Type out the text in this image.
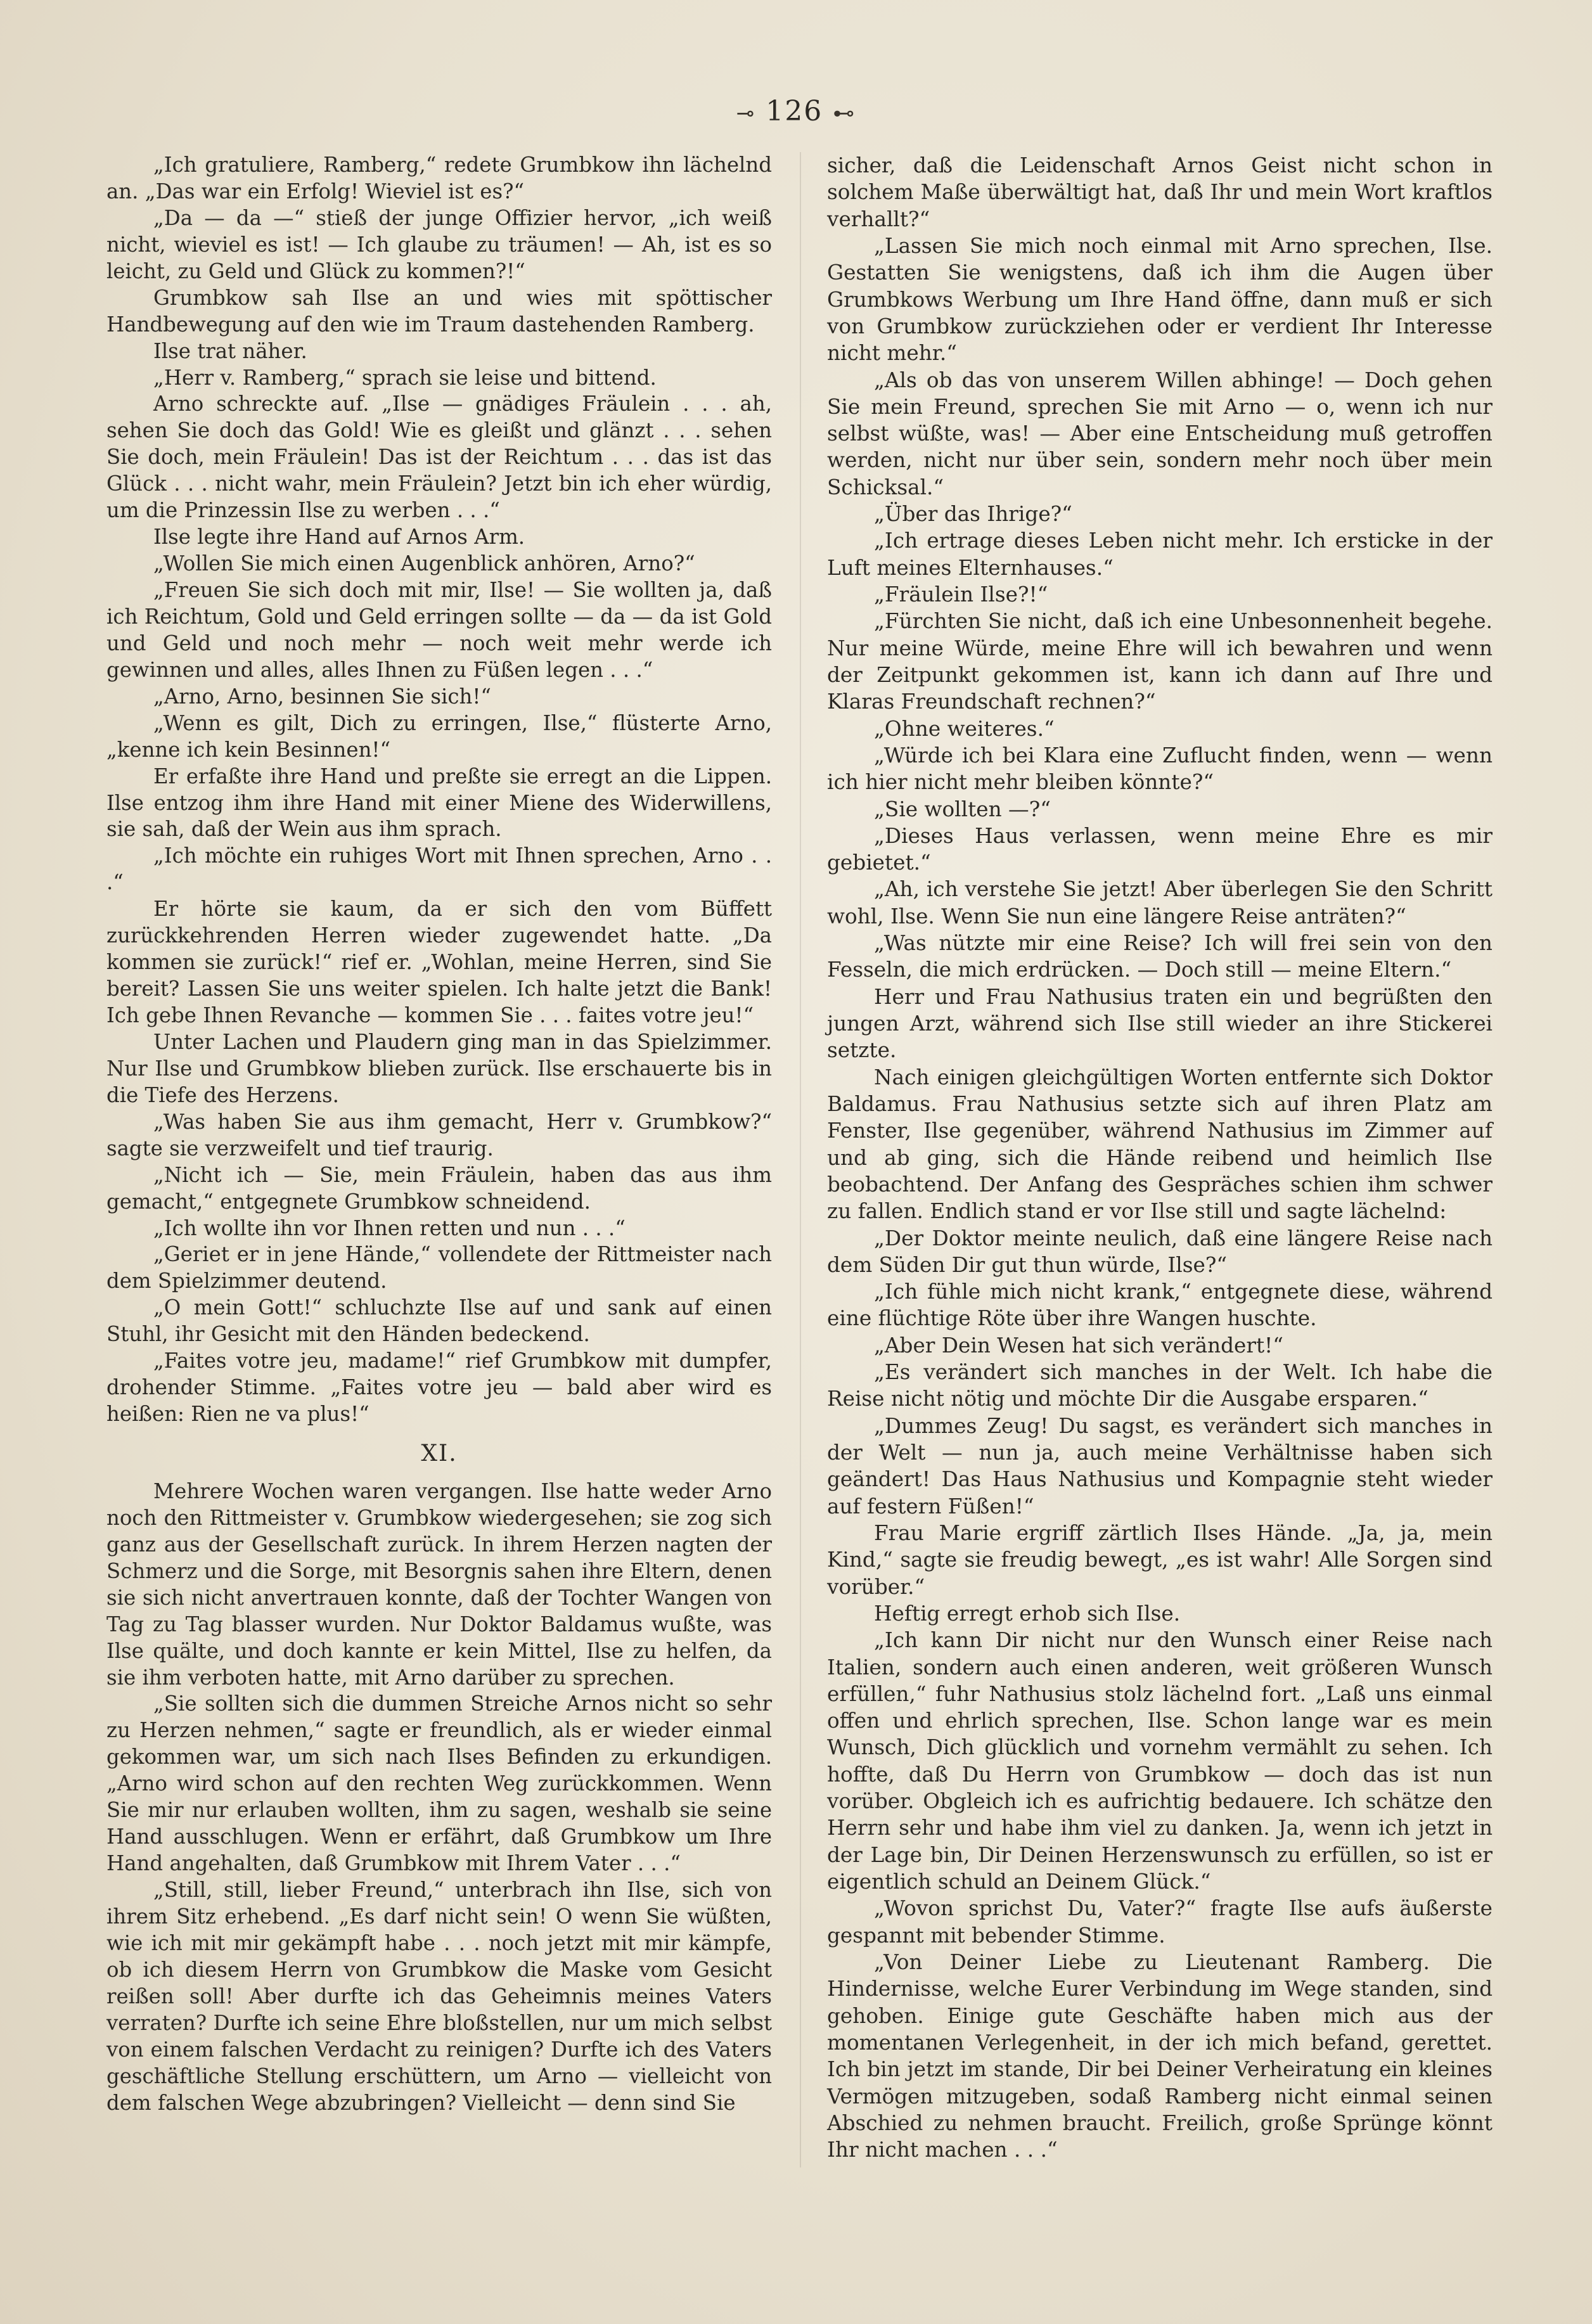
⊸ 126 ⊷

„Ich gratuliere, Ramberg,“ redete Grumbkow ihn lächelnd an. „Das war ein Erfolg! Wieviel ist es?“

„Da — da —“ stieß der junge Offizier hervor, „ich weiß nicht, wieviel es ist! — Ich glaube zu träumen! — Ah, ist es so leicht, zu Geld und Glück zu kommen?!“

Grumbkow sah Ilse an und wies mit spöttischer Handbewegung auf den wie im Traum dastehenden Ramberg.

Ilse trat näher.

„Herr v. Ramberg,“ sprach sie leise und bittend.

Arno schreckte auf. „Ilse — gnädiges Fräulein . . . ah, sehen Sie doch das Gold! Wie es gleißt und glänzt . . . sehen Sie doch, mein Fräulein! Das ist der Reichtum . . . das ist das Glück . . . nicht wahr, mein Fräulein? Jetzt bin ich eher würdig, um die Prinzessin Ilse zu werben . . .“

Ilse legte ihre Hand auf Arnos Arm.

„Wollen Sie mich einen Augenblick anhören, Arno?“

„Freuen Sie sich doch mit mir, Ilse! — Sie wollten ja, daß ich Reichtum, Gold und Geld erringen sollte — da — da ist Gold und Geld und noch mehr — noch weit mehr werde ich gewinnen und alles, alles Ihnen zu Füßen legen . . .“

„Arno, Arno, besinnen Sie sich!“

„Wenn es gilt, Dich zu erringen, Ilse,“ flüsterte Arno, „kenne ich kein Besinnen!“

Er erfaßte ihre Hand und preßte sie erregt an die Lippen. Ilse entzog ihm ihre Hand mit einer Miene des Widerwillens, sie sah, daß der Wein aus ihm sprach.

„Ich möchte ein ruhiges Wort mit Ihnen sprechen, Arno . . .“

Er hörte sie kaum, da er sich den vom Büffett zurückkehrenden Herren wieder zugewendet hatte. „Da kommen sie zurück!“ rief er. „Wohlan, meine Herren, sind Sie bereit? Lassen Sie uns weiter spielen. Ich halte jetzt die Bank! Ich gebe Ihnen Revanche — kommen Sie . . . faites votre jeu!“

Unter Lachen und Plaudern ging man in das Spielzimmer. Nur Ilse und Grumbkow blieben zurück. Ilse erschauerte bis in die Tiefe des Herzens.

„Was haben Sie aus ihm gemacht, Herr v. Grumbkow?“ sagte sie verzweifelt und tief traurig.

„Nicht ich — Sie, mein Fräulein, haben das aus ihm gemacht,“ entgegnete Grumbkow schneidend.

„Ich wollte ihn vor Ihnen retten und nun . . .“

„Geriet er in jene Hände,“ vollendete der Rittmeister nach dem Spielzimmer deutend.

„O mein Gott!“ schluchzte Ilse auf und sank auf einen Stuhl, ihr Gesicht mit den Händen bedeckend.

„Faites votre jeu, madame!“ rief Grumbkow mit dumpfer, drohender Stimme. „Faites votre jeu — bald aber wird es heißen: Rien ne va plus!“

XI.

Mehrere Wochen waren vergangen. Ilse hatte weder Arno noch den Rittmeister v. Grumbkow wiedergesehen; sie zog sich ganz aus der Gesellschaft zurück. In ihrem Herzen nagten der Schmerz und die Sorge, mit Besorgnis sahen ihre Eltern, denen sie sich nicht anvertrauen konnte, daß der Tochter Wangen von Tag zu Tag blasser wurden. Nur Doktor Baldamus wußte, was Ilse quälte, und doch kannte er kein Mittel, Ilse zu helfen, da sie ihm verboten hatte, mit Arno darüber zu sprechen.

„Sie sollten sich die dummen Streiche Arnos nicht so sehr zu Herzen nehmen,“ sagte er freundlich, als er wieder einmal gekommen war, um sich nach Ilses Befinden zu erkundigen. „Arno wird schon auf den rechten Weg zurückkommen. Wenn Sie mir nur erlauben wollten, ihm zu sagen, weshalb sie seine Hand ausschlugen. Wenn er erfährt, daß Grumbkow um Ihre Hand angehalten, daß Grumbkow mit Ihrem Vater . . .“

„Still, still, lieber Freund,“ unterbrach ihn Ilse, sich von ihrem Sitz erhebend. „Es darf nicht sein! O wenn Sie wüßten, wie ich mit mir gekämpft habe . . . noch jetzt mit mir kämpfe, ob ich diesem Herrn von Grumbkow die Maske vom Gesicht reißen soll! Aber durfte ich das Geheimnis meines Vaters verraten? Durfte ich seine Ehre bloßstellen, nur um mich selbst von einem falschen Verdacht zu reinigen? Durfte ich des Vaters geschäftliche Stellung erschüttern, um Arno — vielleicht von dem falschen Wege abzubringen? Vielleicht — denn sind Sie

sicher, daß die Leidenschaft Arnos Geist nicht schon in solchem Maße überwältigt hat, daß Ihr und mein Wort kraftlos verhallt?“

„Lassen Sie mich noch einmal mit Arno sprechen, Ilse. Gestatten Sie wenigstens, daß ich ihm die Augen über Grumbkows Werbung um Ihre Hand öffne, dann muß er sich von Grumbkow zurückziehen oder er verdient Ihr Interesse nicht mehr.“

„Als ob das von unserem Willen abhinge! — Doch gehen Sie mein Freund, sprechen Sie mit Arno — o, wenn ich nur selbst wüßte, was! — Aber eine Entscheidung muß getroffen werden, nicht nur über sein, sondern mehr noch über mein Schicksal.“

„Über das Ihrige?“

„Ich ertrage dieses Leben nicht mehr. Ich ersticke in der Luft meines Elternhauses.“

„Fräulein Ilse?!“

„Fürchten Sie nicht, daß ich eine Unbesonnenheit begehe. Nur meine Würde, meine Ehre will ich bewahren und wenn der Zeitpunkt gekommen ist, kann ich dann auf Ihre und Klaras Freundschaft rechnen?“

„Ohne weiteres.“

„Würde ich bei Klara eine Zuflucht finden, wenn — wenn ich hier nicht mehr bleiben könnte?“

„Sie wollten —?“

„Dieses Haus verlassen, wenn meine Ehre es mir gebietet.“

„Ah, ich verstehe Sie jetzt! Aber überlegen Sie den Schritt wohl, Ilse. Wenn Sie nun eine längere Reise anträten?“

„Was nützte mir eine Reise? Ich will frei sein von den Fesseln, die mich erdrücken. — Doch still — meine Eltern.“

Herr und Frau Nathusius traten ein und begrüßten den jungen Arzt, während sich Ilse still wieder an ihre Stickerei setzte.

Nach einigen gleichgültigen Worten entfernte sich Doktor Baldamus. Frau Nathusius setzte sich auf ihren Platz am Fenster, Ilse gegenüber, während Nathusius im Zimmer auf und ab ging, sich die Hände reibend und heimlich Ilse beobachtend. Der Anfang des Gespräches schien ihm schwer zu fallen. Endlich stand er vor Ilse still und sagte lächelnd:

„Der Doktor meinte neulich, daß eine längere Reise nach dem Süden Dir gut thun würde, Ilse?“

„Ich fühle mich nicht krank,“ entgegnete diese, während eine flüchtige Röte über ihre Wangen huschte.

„Aber Dein Wesen hat sich verändert!“

„Es verändert sich manches in der Welt. Ich habe die Reise nicht nötig und möchte Dir die Ausgabe ersparen.“

„Dummes Zeug! Du sagst, es verändert sich manches in der Welt — nun ja, auch meine Verhältnisse haben sich geändert! Das Haus Nathusius und Kompagnie steht wieder auf festern Füßen!“

Frau Marie ergriff zärtlich Ilses Hände. „Ja, ja, mein Kind,“ sagte sie freudig bewegt, „es ist wahr! Alle Sorgen sind vorüber.“

Heftig erregt erhob sich Ilse.

„Ich kann Dir nicht nur den Wunsch einer Reise nach Italien, sondern auch einen anderen, weit größeren Wunsch erfüllen,“ fuhr Nathusius stolz lächelnd fort. „Laß uns einmal offen und ehrlich sprechen, Ilse. Schon lange war es mein Wunsch, Dich glücklich und vornehm vermählt zu sehen. Ich hoffte, daß Du Herrn von Grumbkow — doch das ist nun vorüber. Obgleich ich es aufrichtig bedauere. Ich schätze den Herrn sehr und habe ihm viel zu danken. Ja, wenn ich jetzt in der Lage bin, Dir Deinen Herzenswunsch zu erfüllen, so ist er eigentlich schuld an Deinem Glück.“

„Wovon sprichst Du, Vater?“ fragte Ilse aufs äußerste gespannt mit bebender Stimme.

„Von Deiner Liebe zu Lieutenant Ramberg. Die Hindernisse, welche Eurer Verbindung im Wege standen, sind gehoben. Einige gute Geschäfte haben mich aus der momentanen Verlegenheit, in der ich mich befand, gerettet. Ich bin jetzt im stande, Dir bei Deiner Verheiratung ein kleines Vermögen mitzugeben, sodaß Ramberg nicht einmal seinen Abschied zu nehmen braucht. Freilich, große Sprünge könnt Ihr nicht machen . . .“
